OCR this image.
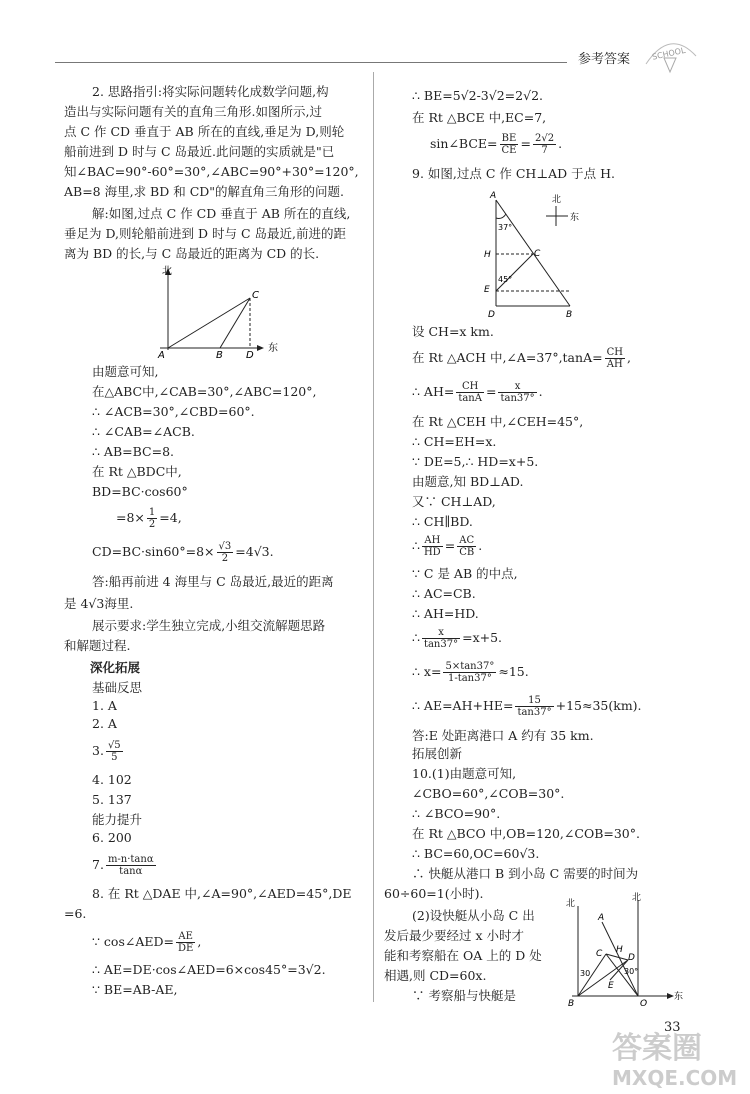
参考答案	SCHOOL
2. 思路指引:将实际问题转化成数学问题,构
造出与实际问题有关的直角三角形.如图所示,过
点 C 作 CD 垂直于 AB 所在的直线,垂足为 D,则轮
船前进到 D 时与 C 岛最近.此问题的实质就是"已
知∠BAC=90°-60°=30°,∠ABC=90°+30°=120°,
AB=8 海里,求 BD 和 CD"的解直角三角形的问题.
解:如图,过点 C 作 CD 垂直于 AB 所在的直线,
垂足为 D,则轮船前进到 D 时与 C 岛最近,前进的距
离为 BD 的长,与 C 岛最近的距离为 CD 的长.
北
东
A	B
C
D
由题意可知,
在△ABC中,∠CAB=30°,∠ABC=120°,
∴ ∠ACB=30°,∠CBD=60°.
∴ ∠CAB=∠ACB.
∴ AB=BC=8.
在 Rt △BDC中,
BD=BC·cos60°
$=8\times \frac{1}{2} =4$,
$CD=BC\cdot\sin 60^\circ=8\times \frac{√3}{2} =4√3$.
答:船再前进 4 海里与 C 岛最近,最近的距离
是 4√3海里.
展示要求:学生独立完成,小组交流解题思路
和解题过程.
深化拓展
基础反思
1. A
2. A
3. $\frac{√5}{5}$
4. 102
5. 137
能力提升
6. 200
7. $\frac{m-n\cdot\tan\alpha}{\tan\alpha}$
8. 在 Rt △DAE 中,∠A=90°,∠AED=45°,DE
=6.
∵ cos∠AED= $\frac{AE}{DE}$ ,
∴ AE=DE·cos∠AED=6×cos45°=3√2.
∵ BE=AB-AE,
∴ BE=5√2-3√2=2√2.
在 Rt △BCE 中,EC=7,
sin∠BCE= $\frac{BE}{CE} = \frac{2√2}{7}$ .
9. 如图,过点 C 作 CH⊥AD 于点 H.
A
B
C
D
E
H
37°
45°
北
东
设 CH=x km.
在 Rt △ACH 中,∠A=37°,tanA= $\frac{CH}{AH}$ ,
∴ $AH= \frac{CH}{\tan A} = \frac{x}{\tan 37^\circ}$ .
在 Rt △CEH 中,∠CEH=45°,
∴ CH=EH=x.
∵ DE=5,∴ HD=x+5.
由题意,知 BD⊥AD.
又∵ CH⊥AD,
∴ CH∥BD.
∴ $\frac{AH}{HD} = \frac{AC}{CB}$ .
∵ C 是 AB 的中点,
∴ AC=CB.
∴ AH=HD.
∴ $\frac{x}{\tan 37^\circ} =x+5$.
∴ $x= \frac{5\times\tan 37^\circ}{1-\tan 37^\circ} \approx 15$.
∴ $AE=AH+HE= \frac{15}{\tan 37^\circ} +15\approx 35(km)$.
答:E 处距离港口 A 约有 35 km.
拓展创新
10.(1)由题意可知,
∠CBO=60°,∠COB=30°.
∴ ∠BCO=90°.
在 Rt △BCO 中,OB=120,∠COB=30°.
∴ BC=60,OC=60√3.
∴ 快艇从港口 B 到小岛 C 需要的时间为
60÷60=1(小时).
(2)设快艇从小岛 C 出
发后最少要经过 x 小时才
能和考察船在 OA 上的 D 处
相遇,则 CD=60x.
∵ 考察船与快艇是
北
北
东
A
B
C	D
E
H
O
30	30°
33
答案圈
MXQE.COM
